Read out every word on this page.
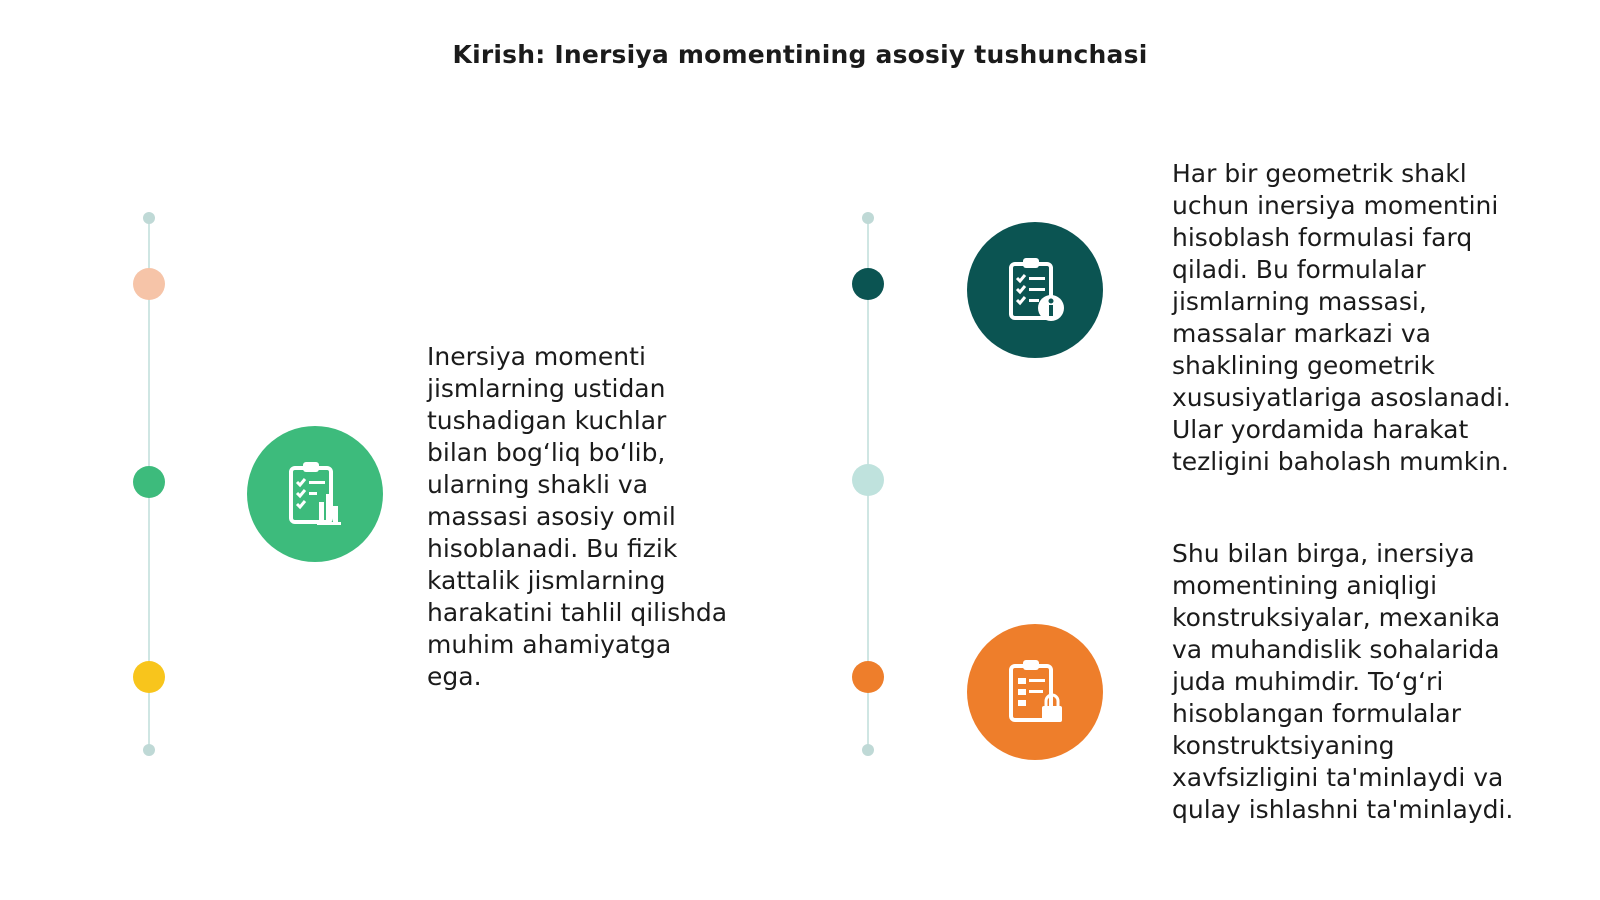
Kirish: Inersiya momentining asosiy tushunchasi
Inersiya momenti
jismlarning ustidan
tushadigan kuchlar
bilan bog‘liq bo‘lib,
ularning shakli va
massasi asosiy omil
hisoblanadi. Bu fizik
kattalik jismlarning
harakatini tahlil qilishda
muhim ahamiyatga
ega.
Har bir geometrik shakl
uchun inersiya momentini
hisoblash formulasi farq
qiladi. Bu formulalar
jismlarning massasi,
massalar markazi va
shaklining geometrik
xususiyatlariga asoslanadi.
Ular yordamida harakat
tezligini baholash mumkin.
Shu bilan birga, inersiya
momentining aniqligi
konstruksiyalar, mexanika
va muhandislik sohalarida
juda muhimdir. To‘g‘ri
hisoblangan formulalar
konstruktsiyaning
xavfsizligini ta'minlaydi va
qulay ishlashni ta'minlaydi.
